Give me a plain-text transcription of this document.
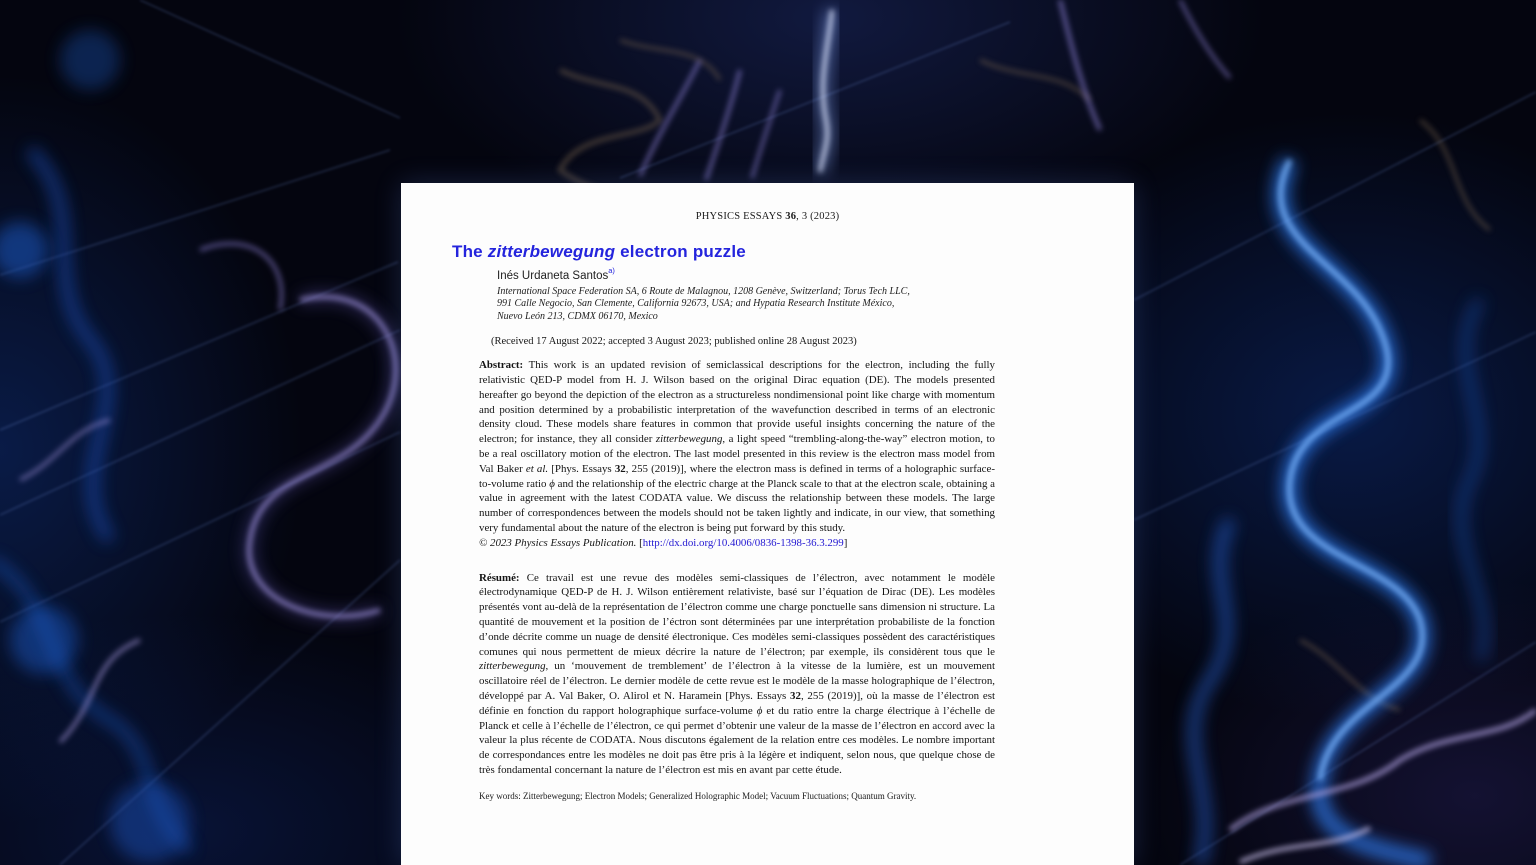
PHYSICS ESSAYS 36, 3 (2023)
The zitterbewegung electron puzzle
Inés Urdaneta Santos$^{a)}$
International Space Federation SA, 6 Route de Malagnou, 1208 Genève, Switzerland; Torus Tech LLC,
991 Calle Negocio, San Clemente, California 92673, USA; and Hypatia Research Institute México,
Nuevo León 213, CDMX 06170, Mexico
(Received 17 August 2022; accepted 3 August 2023; published online 28 August 2023)
Abstract: This work is an updated revision of semiclassical descriptions for the electron, including the fully relativistic QED-P model from H. J. Wilson based on the original Dirac equation (DE). The models presented hereafter go beyond the depiction of the electron as a structureless nondimensional point like charge with momentum and position determined by a probabilistic interpretation of the wavefunction described in terms of an electronic density cloud. These models share features in common that provide useful insights concerning the nature of the electron; for instance, they all consider zitterbewegung, a light speed “trembling-along-the-way” electron motion, to be a real oscillatory motion of the electron. The last model presented in this review is the electron mass model from Val Baker et al. [Phys. Essays 32, 255 (2019)], where the electron mass is defined in terms of a holographic surface-to-volume ratio ϕ and the relationship of the electric charge at the Planck scale to that at the electron scale, obtaining a value in agreement with the latest CODATA value. We discuss the relationship between these models. The large number of correspondences between the models should not be taken lightly and indicate, in our view, that something very fundamental about the nature of the electron is being put forward by this study.
© 2023 Physics Essays Publication. [http://dx.doi.org/10.4006/0836-1398-36.3.299]
Résumé: Ce travail est une revue des modèles semi-classiques de l’électron, avec notamment le modèle électrodynamique QED-P de H. J. Wilson entièrement relativiste, basé sur l’équation de Dirac (DE). Les modèles présentés vont au-delà de la représentation de l’électron comme une charge ponctuelle sans dimension ni structure. La quantité de mouvement et la position de l’éctron sont déterminées par une interprétation probabiliste de la fonction d’onde décrite comme un nuage de densité électronique. Ces modèles semi-classiques possèdent des caractéristiques comunes qui nous permettent de mieux décrire la nature de l’électron; par exemple, ils considèrent tous que le zitterbewegung, un ‘mouvement de tremblement’ de l’électron à la vitesse de la lumière, est un mouvement oscillatoire réel de l’électron. Le dernier modèle de cette revue est le modèle de la masse holographique de l’électron, développé par A. Val Baker, O. Alirol et N. Haramein [Phys. Essays 32, 255 (2019)], où la masse de l’électron est définie en fonction du rapport holographique surface-volume ϕ et du ratio entre la charge électrique à l’échelle de Planck et celle à l’échelle de l’électron, ce qui permet d’obtenir une valeur de la masse de l’électron en accord avec la valeur la plus récente de CODATA. Nous discutons également de la relation entre ces modèles. Le nombre important de correspondances entre les modèles ne doit pas être pris à la légère et indiquent, selon nous, que quelque chose de très fondamental concernant la nature de l’électron est mis en avant par cette étude.
Key words: Zitterbewegung; Electron Models; Generalized Holographic Model; Vacuum Fluctuations; Quantum Gravity.
